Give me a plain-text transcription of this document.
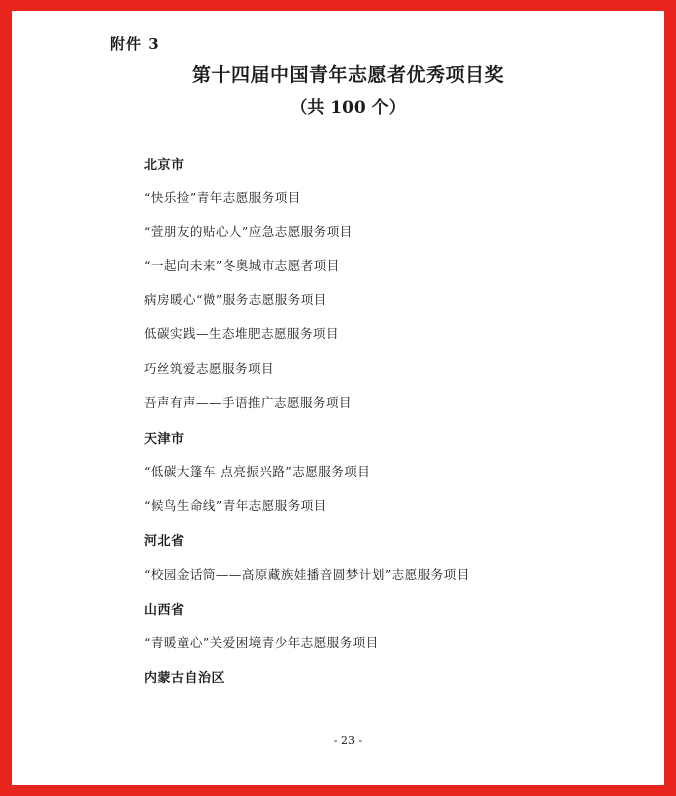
附件 3
第十四届中国青年志愿者优秀项目奖
（共 100 个）
北京市
“快乐捡”青年志愿服务项目
“萱朋友的贴心人”应急志愿服务项目
“一起向未来”冬奥城市志愿者项目
病房暖心“微”服务志愿服务项目
低碳实践—生态堆肥志愿服务项目
巧丝筑爱志愿服务项目
吾声有声——手语推广志愿服务项目
天津市
“低碳大篷车 点亮振兴路”志愿服务项目
“候鸟生命线”青年志愿服务项目
河北省
“校园金话筒——高原藏族娃播音圆梦计划”志愿服务项目
山西省
“青暖童心”关爱困境青少年志愿服务项目
内蒙古自治区
- 23 -
